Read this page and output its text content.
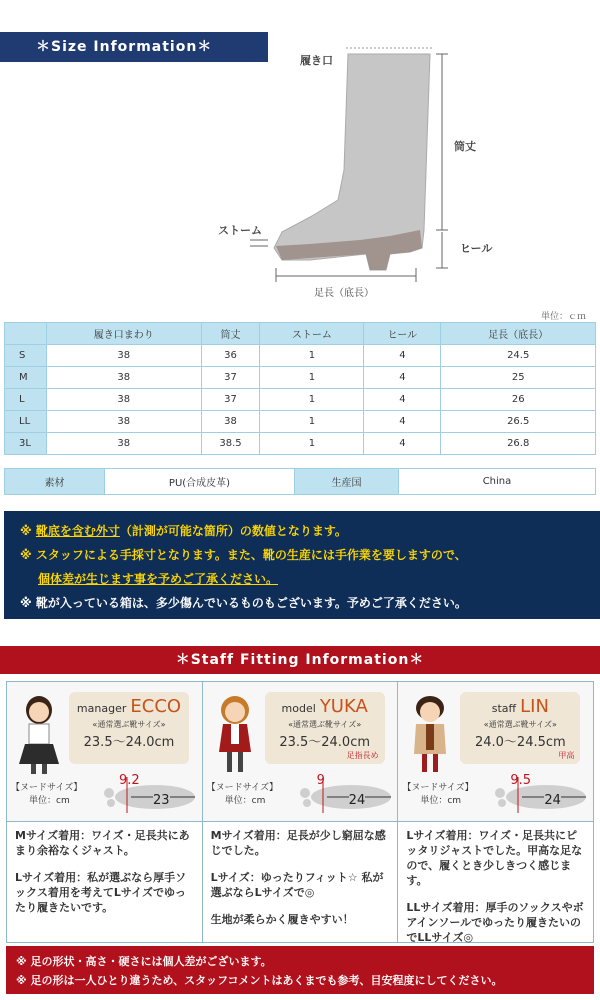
＊Size Information＊
履き口
筒丈
ストーム
ヒール
足長（底長）
単位：ｃｍ
	履き口まわり	筒丈	ストーム	ヒール	足長（底長）
S	38	36	1	4	24.5
M	38	37	1	4	25
L	38	37	1	4	26
LL	38	38	1	4	26.5
3L	38	38.5	1	4	26.8
素材	PU(合成皮革)	生産国	China
※ 靴底を含む外寸（計測が可能な箇所）の数値となります。
※ スタッフによる手採寸となります。また、靴の生産には手作業を要しますので、
個体差が生じます事を予めご了承ください。
※ 靴が入っている箱は、多少傷んでいるものもございます。予めご了承ください。
＊Staff Fitting Information＊
manager ECCO
«通常選ぶ靴サイズ»
23.5～24.0cm
【ヌードサイズ】
単位：cm
9.2
23

Mサイズ着用：ワイズ・足長共にあまり余裕なくジャスト。

Lサイズ着用：私が選ぶなら厚手ソックス着用を考えてLサイズでゆったり履きたいです。

model YUKA
«通常選ぶ靴サイズ»
23.5～24.0cm
足指長め
【ヌードサイズ】
単位：cm
9
24

Mサイズ着用：足長が少し窮屈な感じでした。

Lサイズ：ゆったりフィット☆ 私が選ぶならLサイズで◎

生地が柔らかく履きやすい！

staff LIN
«通常選ぶ靴サイズ»
24.0～24.5cm
甲高
【ヌードサイズ】
単位：cm
9.5
24

Lサイズ着用：ワイズ・足長共にピッタリジャストでした。甲高な足なので、履くとき少しきつく感じます。

LLサイズ着用：厚手のソックスやボアインソールでゆったり履きたいのでLLサイズ◎

※ 足の形状・高さ・硬さには個人差がございます。
※ 足の形は一人ひとり違うため、スタッフコメントはあくまでも参考、目安程度にしてください。
